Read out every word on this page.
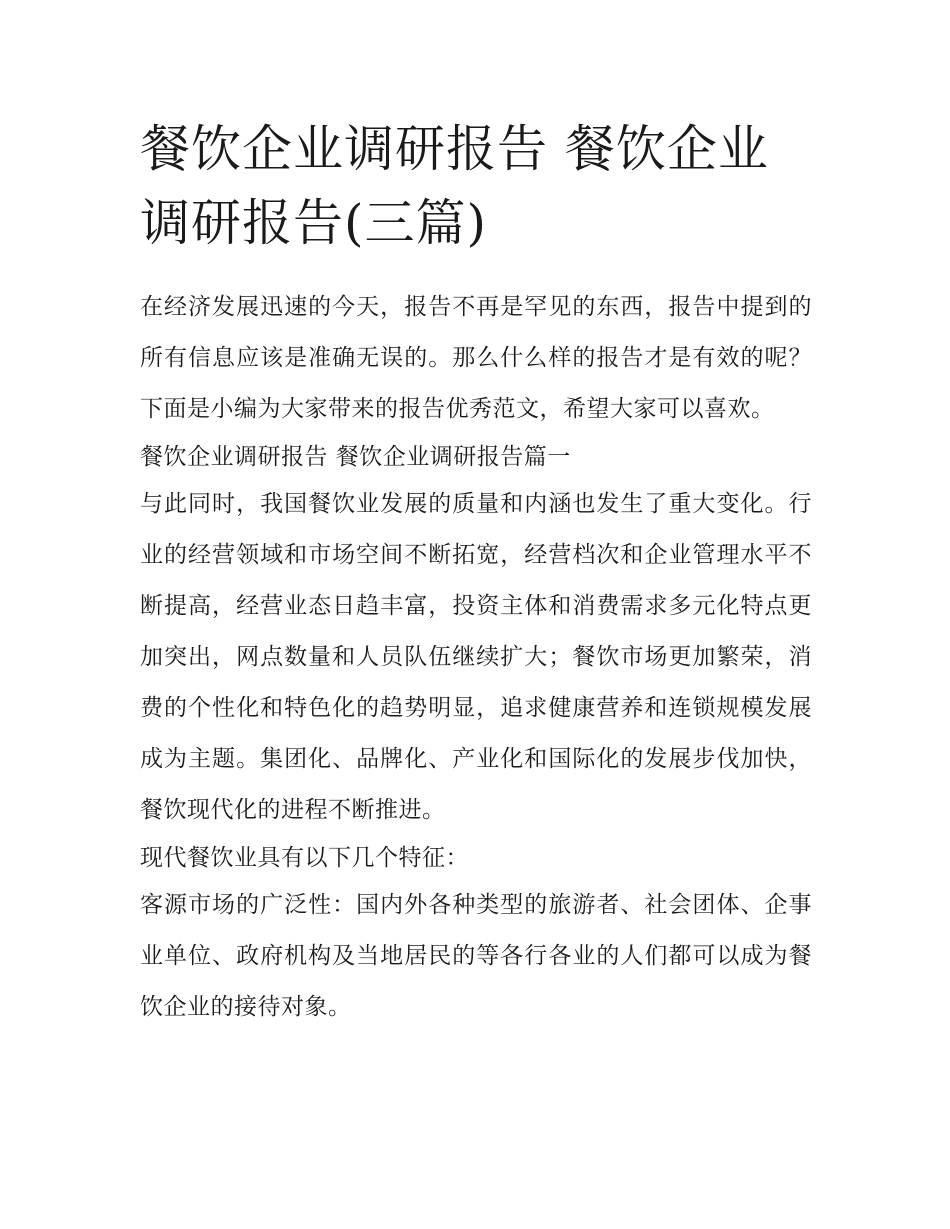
餐饮企业调研报告 餐饮企业调研报告(三篇)

在经济发展迅速的今天，报告不再是罕见的东西，报告中提到的所有信息应该是准确无误的。那么什么样的报告才是有效的呢？下面是小编为大家带来的报告优秀范文，希望大家可以喜欢。

餐饮企业调研报告 餐饮企业调研报告篇一

与此同时，我国餐饮业发展的质量和内涵也发生了重大变化。行业的经营领域和市场空间不断拓宽，经营档次和企业管理水平不断提高，经营业态日趋丰富，投资主体和消费需求多元化特点更加突出，网点数量和人员队伍继续扩大；餐饮市场更加繁荣，消费的个性化和特色化的趋势明显，追求健康营养和连锁规模发展成为主题。集团化、品牌化、产业化和国际化的发展步伐加快，餐饮现代化的进程不断推进。

现代餐饮业具有以下几个特征：

客源市场的广泛性：国内外各种类型的旅游者、社会团体、企事业单位、政府机构及当地居民的等各行各业的人们都可以成为餐饮企业的接待对象。
